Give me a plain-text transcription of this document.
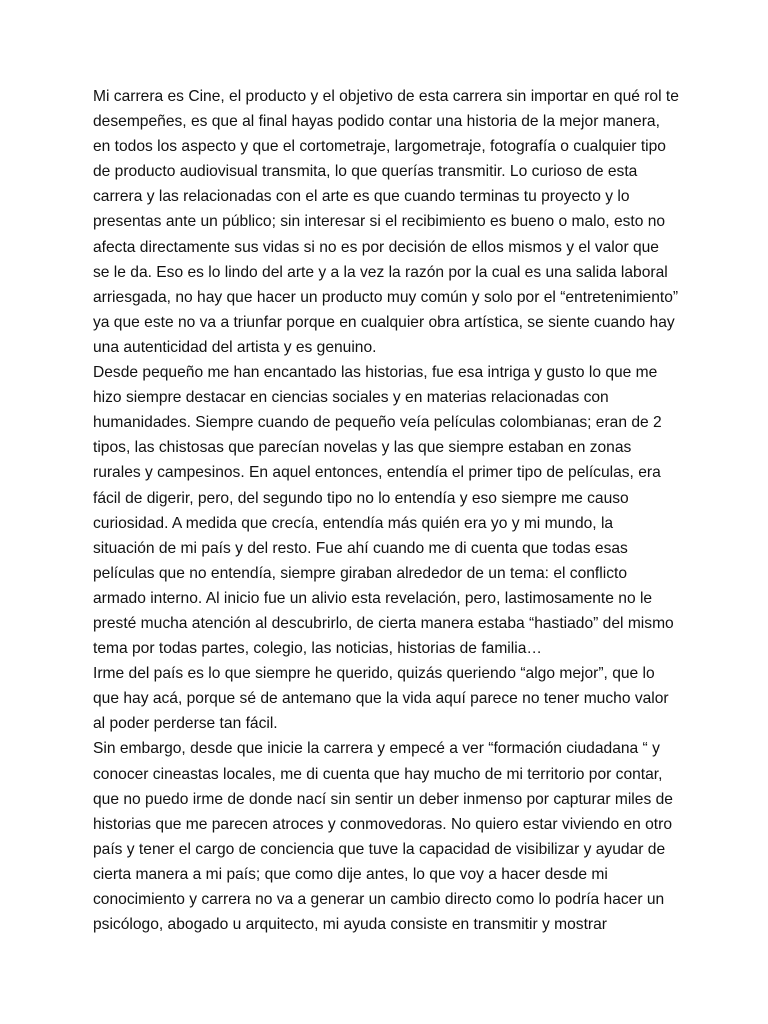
Mi carrera es Cine, el producto y el objetivo de esta carrera sin importar en qué rol te
desempeñes, es que al final hayas podido contar una historia de la mejor manera,
en todos los aspecto y que el cortometraje, largometraje, fotografía o cualquier tipo
de producto audiovisual transmita, lo que querías transmitir. Lo curioso de esta
carrera y las relacionadas con el arte es que cuando terminas tu proyecto y lo
presentas ante un público; sin interesar si el recibimiento es bueno o malo, esto no
afecta directamente sus vidas si no es por decisión de ellos mismos y el valor que
se le da. Eso es lo lindo del arte y a la vez la razón por la cual es una salida laboral
arriesgada, no hay que hacer un producto muy común y solo por el “entretenimiento”
ya que este no va a triunfar porque en cualquier obra artística, se siente cuando hay
una autenticidad del artista y es genuino.
Desde pequeño me han encantado las historias, fue esa intriga y gusto lo que me
hizo siempre destacar en ciencias sociales y en materias relacionadas con
humanidades. Siempre cuando de pequeño veía películas colombianas; eran de 2
tipos, las chistosas que parecían novelas y las que siempre estaban en zonas
rurales y campesinos. En aquel entonces, entendía el primer tipo de películas, era
fácil de digerir, pero, del segundo tipo no lo entendía y eso siempre me causo
curiosidad. A medida que crecía, entendía más quién era yo y mi mundo, la
situación de mi país y del resto. Fue ahí cuando me di cuenta que todas esas
películas que no entendía, siempre giraban alrededor de un tema: el conflicto
armado interno. Al inicio fue un alivio esta revelación, pero, lastimosamente no le
presté mucha atención al descubrirlo, de cierta manera estaba “hastiado” del mismo
tema por todas partes, colegio, las noticias, historias de familia…
Irme del país es lo que siempre he querido, quizás queriendo “algo mejor”, que lo
que hay acá, porque sé de antemano que la vida aquí parece no tener mucho valor
al poder perderse tan fácil.
Sin embargo, desde que inicie la carrera y empecé a ver “formación ciudadana “ y
conocer cineastas locales, me di cuenta que hay mucho de mi territorio por contar,
que no puedo irme de donde nací sin sentir un deber inmenso por capturar miles de
historias que me parecen atroces y conmovedoras. No quiero estar viviendo en otro
país y tener el cargo de conciencia que tuve la capacidad de visibilizar y ayudar de
cierta manera a mi país; que como dije antes, lo que voy a hacer desde mi
conocimiento y carrera no va a generar un cambio directo como lo podría hacer un
psicólogo, abogado u arquitecto, mi ayuda consiste en transmitir y mostrar
